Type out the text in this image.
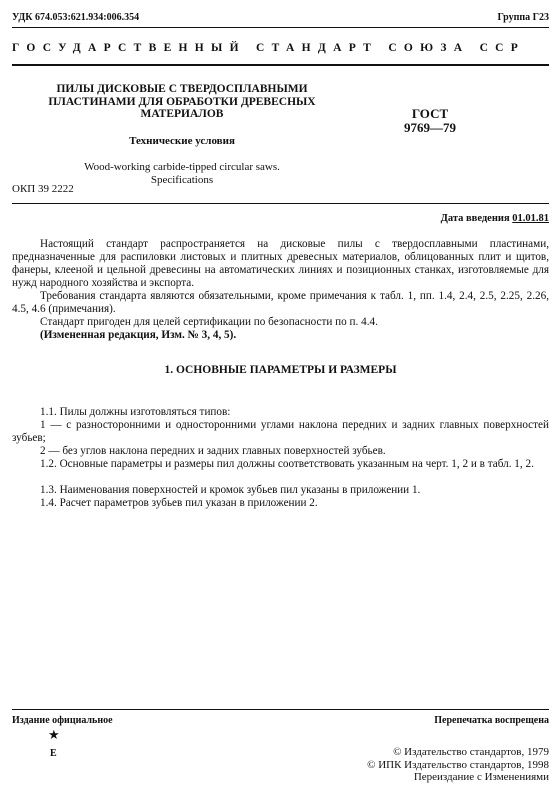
УДК 674.053:621.934:006.354	Группа Г23
ГОСУДАРСТВЕННЫЙ СТАНДАРТ СОЮЗА ССР
ПИЛЫ ДИСКОВЫЕ С ТВЕРДОСПЛАВНЫМИ
ПЛАСТИНАМИ ДЛЯ ОБРАБОТКИ ДРЕВЕСНЫХ
МАТЕРИАЛОВ	ГОСТ
9769—79
Технические условия
Wood-working carbide-tipped circular saws.
Specifications
ОКП 39 2222
Дата введения 01.01.81
Настоящий стандарт распространяется на дисковые пилы с твердосплавными пластинами, предназначенные для распиловки листовых и плитных древесных материалов, облицованных плит и щитов, фанеры, клееной и цельной древесины на автоматических линиях и позиционных станках, изготовляемые для нужд народного хозяйства и экспорта.
Требования стандарта являются обязательными, кроме примечания к табл. 1, пп. 1.4, 2.4, 2.5, 2.25, 2.26, 4.5, 4.6 (примечания).
Стандарт пригоден для целей сертификации по безопасности по п. 4.4.
(Измененная редакция, Изм. № 3, 4, 5).
1. ОСНОВНЫЕ ПАРАМЕТРЫ И РАЗМЕРЫ
1.1. Пилы должны изготовляться типов:
1 — с разносторонними и односторонними углами наклона передних и задних главных поверхностей зубьев;
2 — без углов наклона передних и задних главных поверхностей зубьев.
1.2. Основные параметры и размеры пил должны соответствовать указанным на черт. 1, 2 и в табл. 1, 2.
1.3. Наименования поверхностей и кромок зубьев пил указаны в приложении 1.
1.4. Расчет параметров зубьев пил указан в приложении 2.
Издание официальное	Перепечатка воспрещена
★
Е	© Издательство стандартов, 1979
© ИПК Издательство стандартов, 1998
Переиздание с Изменениями
